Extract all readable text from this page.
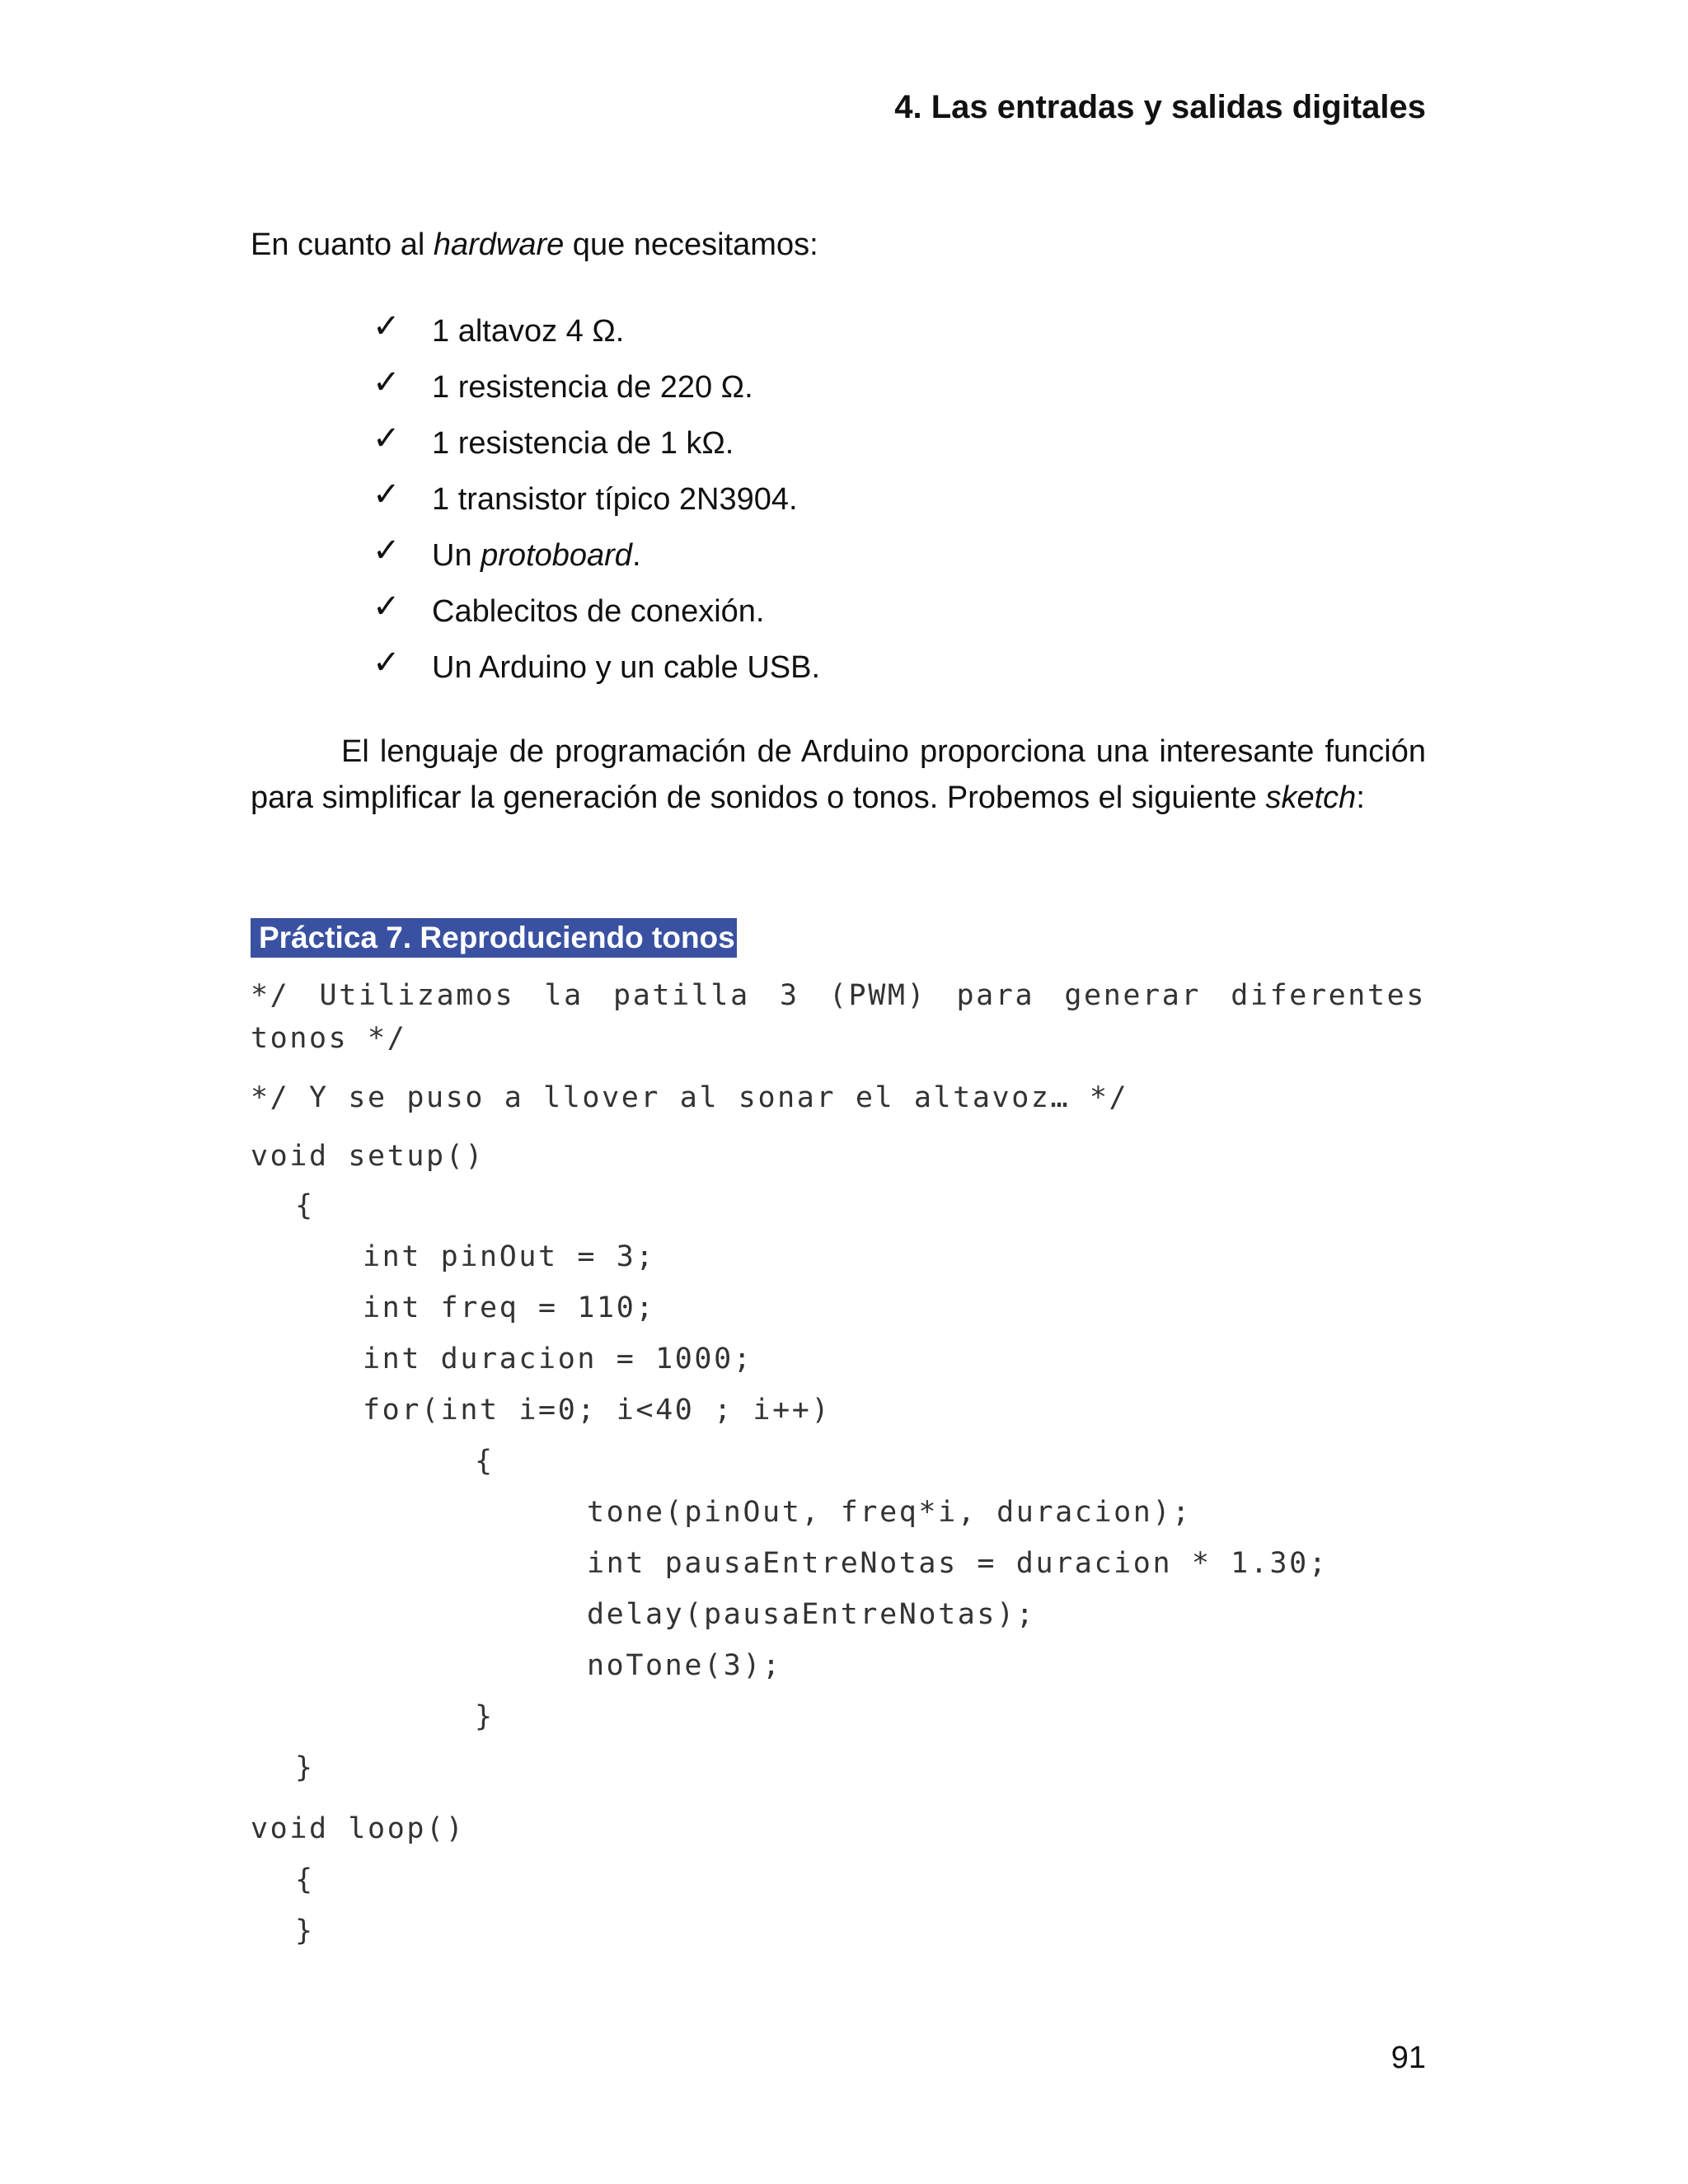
4. Las entradas y salidas digitales
En cuanto al hardware que necesitamos:
✓	1 altavoz 4 Ω.
✓	1 resistencia de 220 Ω.
✓	1 resistencia de 1 kΩ.
✓	1 transistor típico 2N3904.
✓	Un protoboard.
✓	Cablecitos de conexión.
✓	Un Arduino y un cable USB.

El lenguaje de programación de Arduino proporciona una interesante función para simplificar la generación de sonidos o tonos. Probemos el siguiente sketch:

Práctica 7. Reproduciendo tonos

*/ Utilizamos la patilla 3 (PWM) para generar diferentes tonos */

*/ Y se puso a llover al sonar el altavoz… */

void setup()
{
int pinOut = 3;
int freq = 110;
int duracion = 1000;
for(int i=0; i<40 ; i++)
{
tone(pinOut, freq*i, duracion);
int pausaEntreNotas = duracion * 1.30;
delay(pausaEntreNotas);
noTone(3);
}
}
void loop()
{
}
91
